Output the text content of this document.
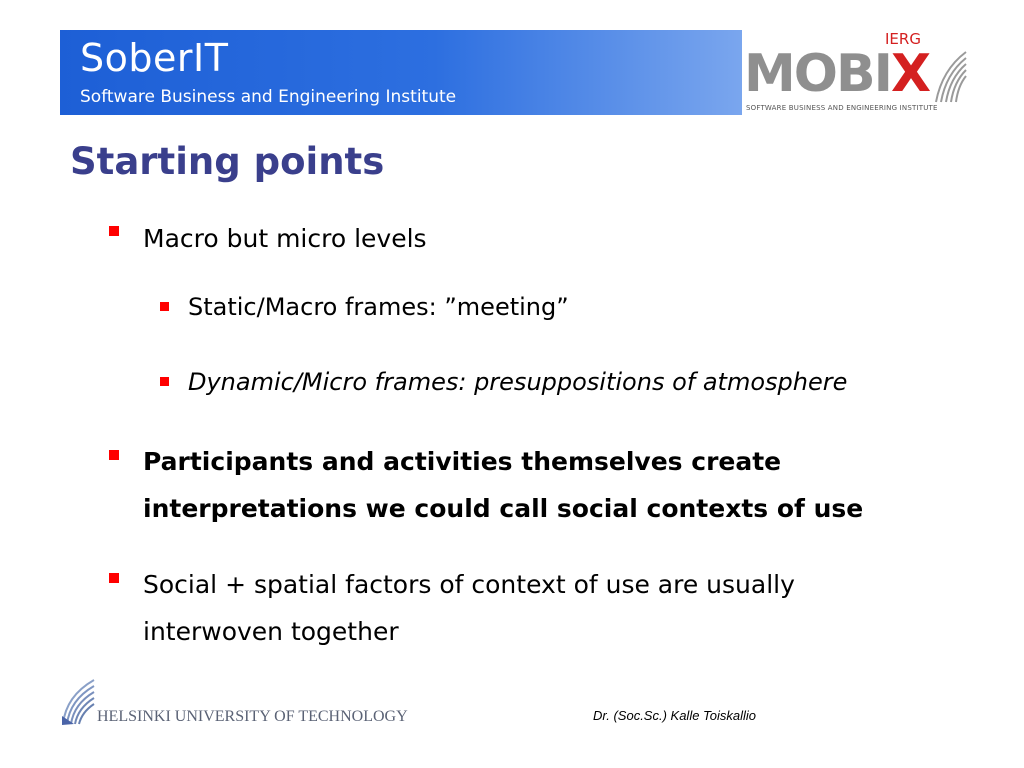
SoberIT
Software Business and Engineering Institute
IERG
MOBIX
SOFTWARE BUSINESS AND ENGINEERING INSTITUTE
Starting points
Macro but micro levels
Static/Macro frames: ”meeting”
Dynamic/Micro frames: presuppositions of atmosphere
Participants and activities themselves create interpretations we could call social contexts of use
Social + spatial factors of context of use are usually interwoven together
HELSINKI UNIVERSITY OF TECHNOLOGY	Dr. (Soc.Sc.) Kalle Toiskallio
